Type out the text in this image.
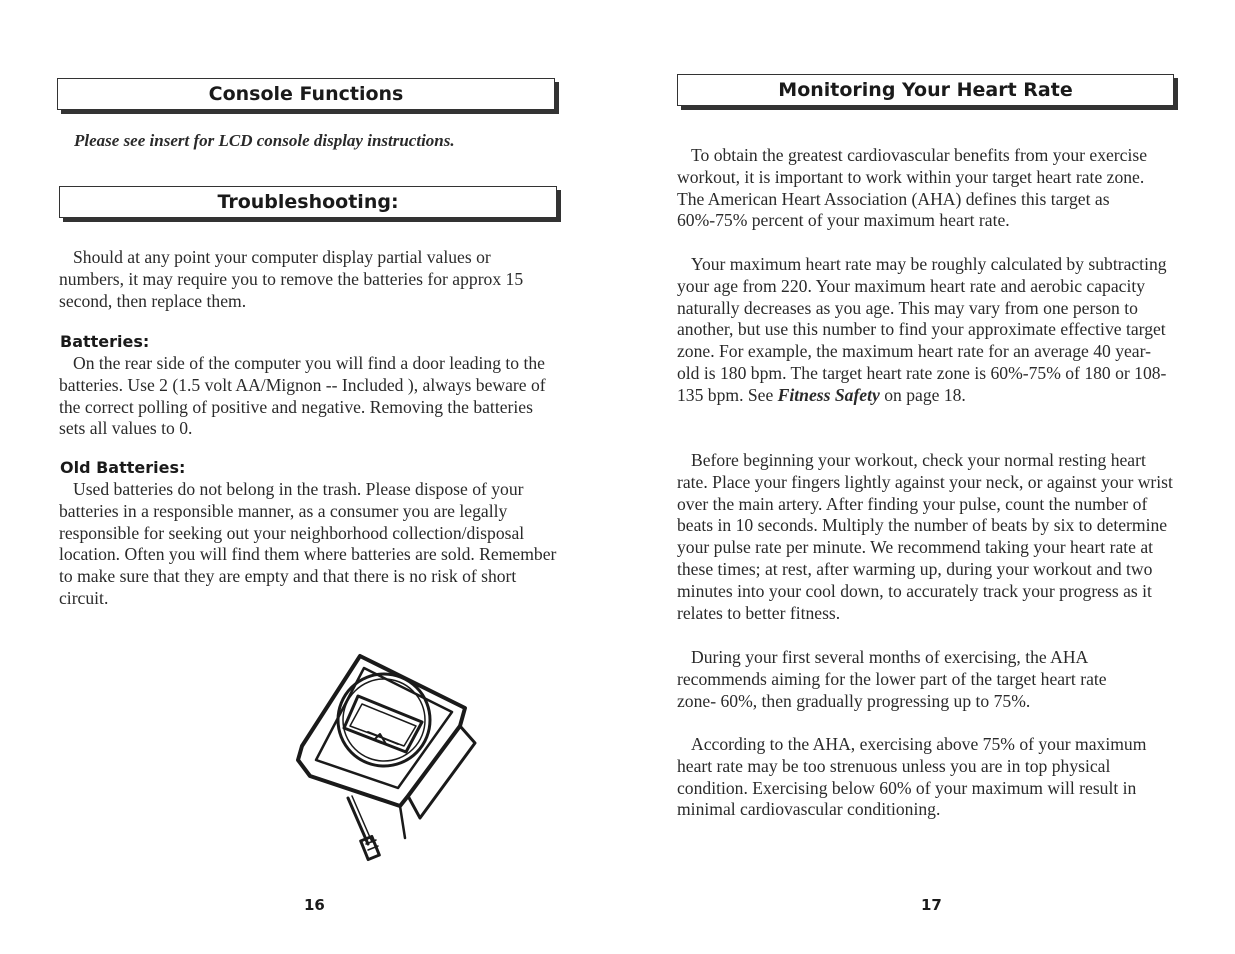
Console Functions
Please see insert for LCD console display instructions.
Troubleshooting:

Should at any point your computer display partial values or numbers, it may require you to remove the batteries for approx 15 second, then replace them.

Batteries:

On the rear side of the computer you will find a door leading to the batteries. Use 2 (1.5 volt AA/Mignon -- Included ), always beware of the correct polling of positive and negative. Removing the batteries sets all values to 0.

Old Batteries:

Used batteries do not belong in the trash. Please dispose of your batteries in a responsible manner, as a consumer you are legally responsible for seeking out your neighborhood collection/disposal location. Often you will find them where batteries are sold. Remember to make sure that they are empty and that there is no risk of short circuit.

16
Monitoring Your Heart Rate

To obtain the greatest cardiovascular benefits from your exercise workout, it is important to work within your target heart rate zone. The American Heart Association (AHA) defines this target as 60%-75% percent of your maximum heart rate.

Your maximum heart rate may be roughly calculated by subtracting your age from 220. Your maximum heart rate and aerobic capacity naturally decreases as you age. This may vary from one person to another, but use this number to find your approximate effective target zone. For example, the maximum heart rate for an average 40 year-old is 180 bpm. The target heart rate zone is 60%-75% of 180 or 108-135 bpm. See Fitness Safety on page 18.

Before beginning your workout, check your normal resting heart rate. Place your fingers lightly against your neck, or against your wrist over the main artery. After finding your pulse, count the number of beats in 10 seconds. Multiply the number of beats by six to determine your pulse rate per minute. We recommend taking your heart rate at these times; at rest, after warming up, during your workout and two minutes into your cool down, to accurately track your progress as it relates to better fitness.

During your first several months of exercising, the AHA recommends aiming for the lower part of the target heart rate zone- 60%, then gradually progressing up to 75%.

According to the AHA, exercising above 75% of your maximum heart rate may be too strenuous unless you are in top physical condition. Exercising below 60% of your maximum will result in minimal cardiovascular conditioning.

17
